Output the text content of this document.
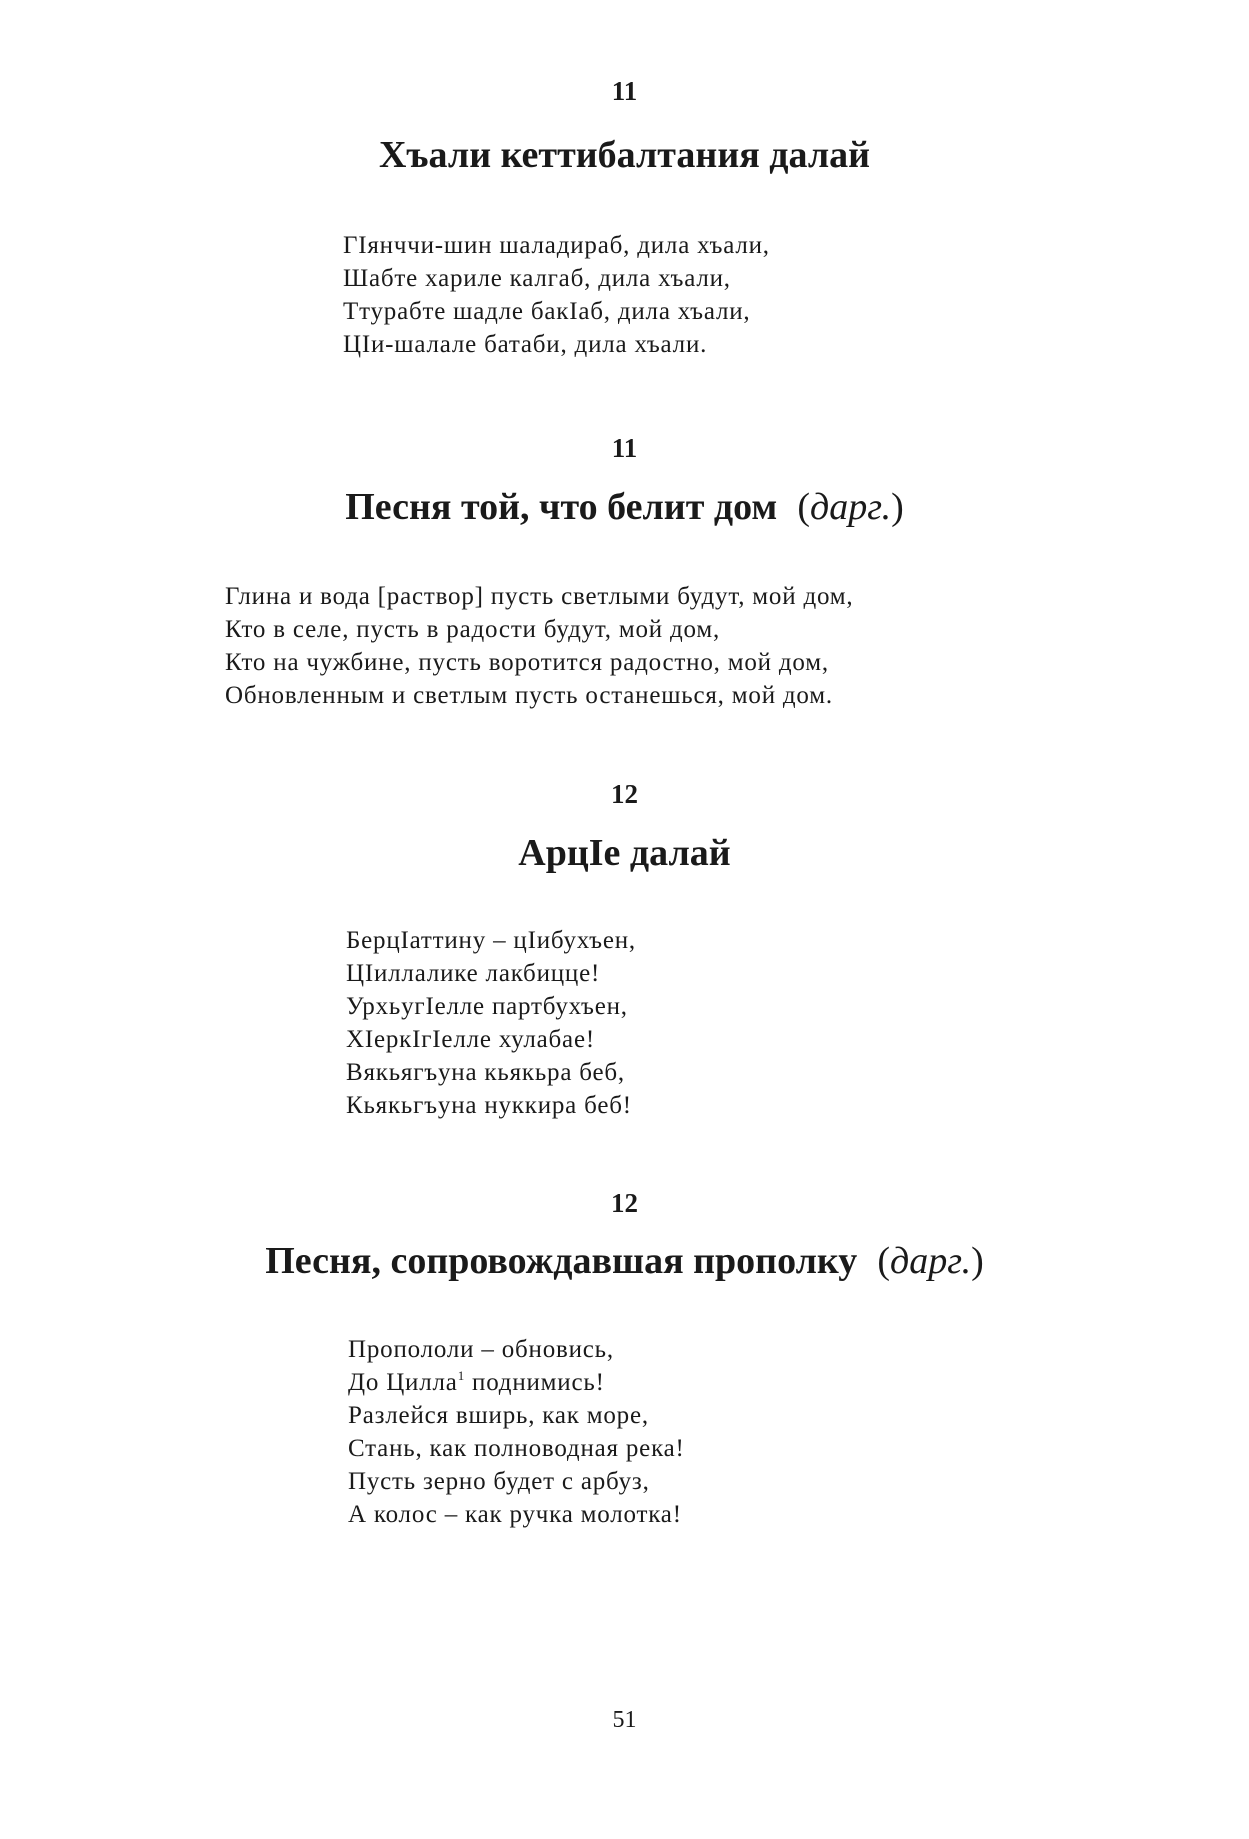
11
Хъали кеттибалтания далай
ГІянччи-шин шаладираб, дила хъали,
Шабте хариле калгаб, дила хъали,
Ттурабте шадле бакІаб, дила хъали,
ЦІи-шалале батаби, дила хъали.
11
Песня той, что белит дом (дарг.)
Глина и вода [раствор] пусть светлыми будут, мой дом,
Кто в селе, пусть в радости будут, мой дом,
Кто на чужбине, пусть воротится радостно, мой дом,
Обновленным и светлым пусть останешься, мой дом.
12
АрцІе далай
БерцІаттину – цІибухъен,
ЦІиллалике лакбицце!
УрхьугІелле партбухъен,
ХІеркІгІелле хулабае!
Вякьягъуна кьякьра беб,
Кьякьгъуна нуккира беб!
12
Песня, сопровождавшая прополку (дарг.)
Пропололи – обновись,
До Цилла$^1$ поднимись!
Разлейся вширь, как море,
Стань, как полноводная река!
Пусть зерно будет с арбуз,
А колос – как ручка молотка!
51
